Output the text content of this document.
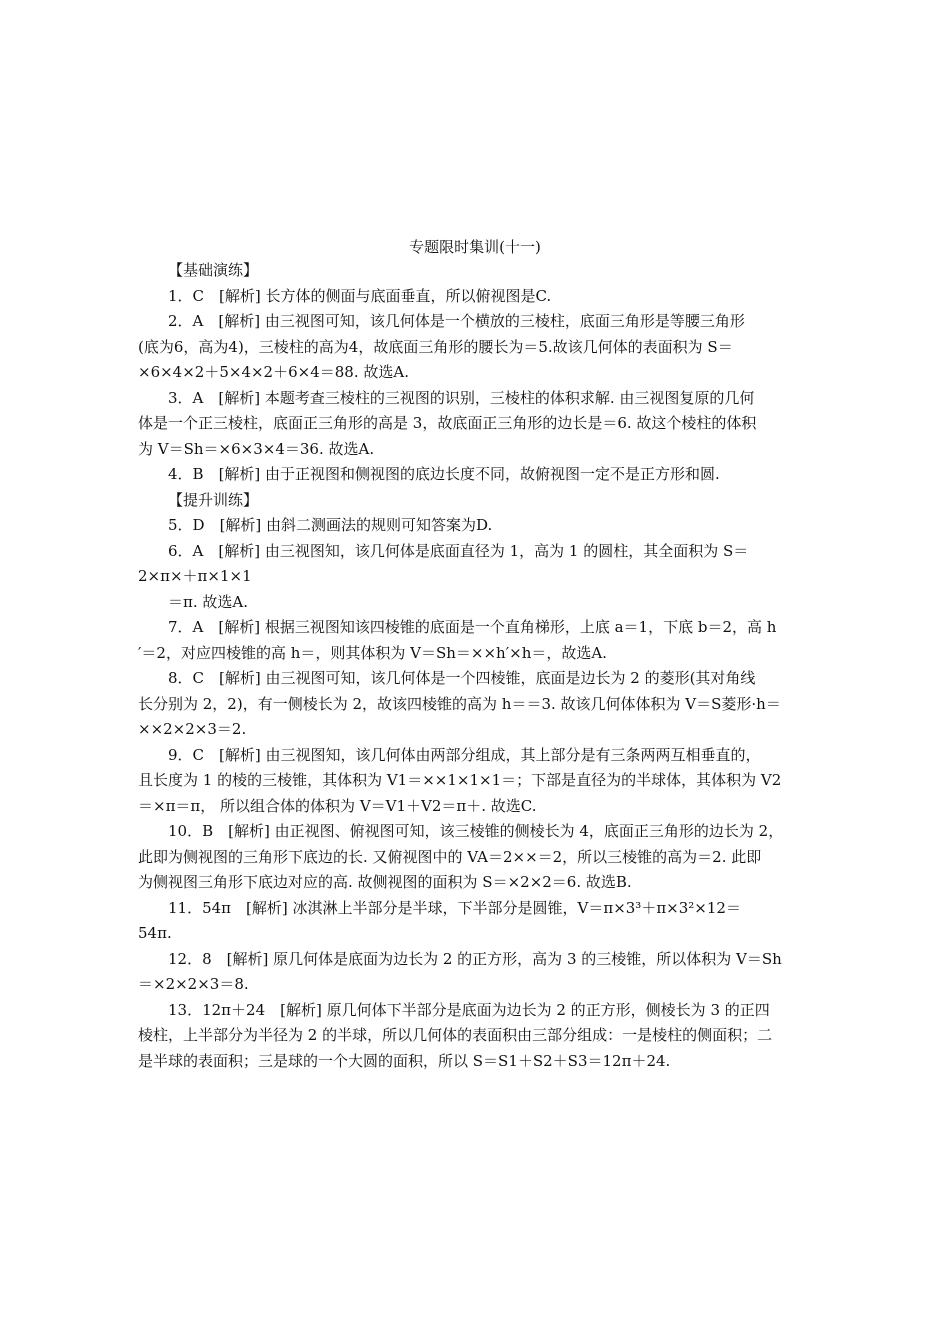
专题限时集训(十一)
【基础演练】
1．C　[解析] 长方体的侧面与底面垂直，所以俯视图是C.
2．A　[解析] 由三视图可知，该几何体是一个横放的三棱柱，底面三角形是等腰三角形
(底为6，高为4)，三棱柱的高为4，故底面三角形的腰长为＝5.故该几何体的表面积为 S＝
×6×4×2＋5×4×2＋6×4＝88. 故选A.
3．A　[解析] 本题考查三棱柱的三视图的识别，三棱柱的体积求解. 由三视图复原的几何
体是一个正三棱柱，底面正三角形的高是 3，故底面正三角形的边长是＝6. 故这个棱柱的体积
为 V＝Sh＝×6×3×4＝36. 故选A.
4．B　[解析] 由于正视图和侧视图的底边长度不同，故俯视图一定不是正方形和圆.
【提升训练】
5．D　[解析] 由斜二测画法的规则可知答案为D.
6．A　[解析] 由三视图知，该几何体是底面直径为 1，高为 1 的圆柱，其全面积为 S＝
2×π×＋π×1×1
＝π. 故选A.
7．A　[解析] 根据三视图知该四棱锥的底面是一个直角梯形，上底 a＝1，下底 b＝2，高 h
′＝2，对应四棱锥的高 h＝，则其体积为 V＝Sh＝××h′×h＝，故选A.
8．C　[解析] 由三视图可知，该几何体是一个四棱锥，底面是边长为 2 的菱形(其对角线
长分别为 2，2)，有一侧棱长为 2，故该四棱锥的高为 h＝＝3. 故该几何体体积为 V＝S菱形·h＝
××2×2×3＝2.
9．C　[解析] 由三视图知，该几何体由两部分组成，其上部分是有三条两两互相垂直的，
且长度为 1 的棱的三棱锥，其体积为 V1＝××1×1×1＝；下部是直径为的半球体，其体积为 V2
＝×π＝π， 所以组合体的体积为 V＝V1＋V2＝π＋. 故选C.
10．B　[解析] 由正视图、俯视图可知，该三棱锥的侧棱长为 4，底面正三角形的边长为 2，
此即为侧视图的三角形下底边的长. 又俯视图中的 VA＝2××＝2，所以三棱锥的高为＝2. 此即
为侧视图三角形下底边对应的高. 故侧视图的面积为 S＝×2×2＝6. 故选B.
11．54π　[解析] 冰淇淋上半部分是半球，下半部分是圆锥，V＝π×3³＋π×3²×12＝
54π.
12．8　[解析] 原几何体是底面为边长为 2 的正方形，高为 3 的三棱锥，所以体积为 V＝Sh
＝×2×2×3＝8.
13．12π＋24　[解析] 原几何体下半部分是底面为边长为 2 的正方形，侧棱长为 3 的正四
棱柱，上半部分为半径为 2 的半球，所以几何体的表面积由三部分组成：一是棱柱的侧面积；二
是半球的表面积；三是球的一个大圆的面积，所以 S＝S1＋S2＋S3＝12π＋24.
